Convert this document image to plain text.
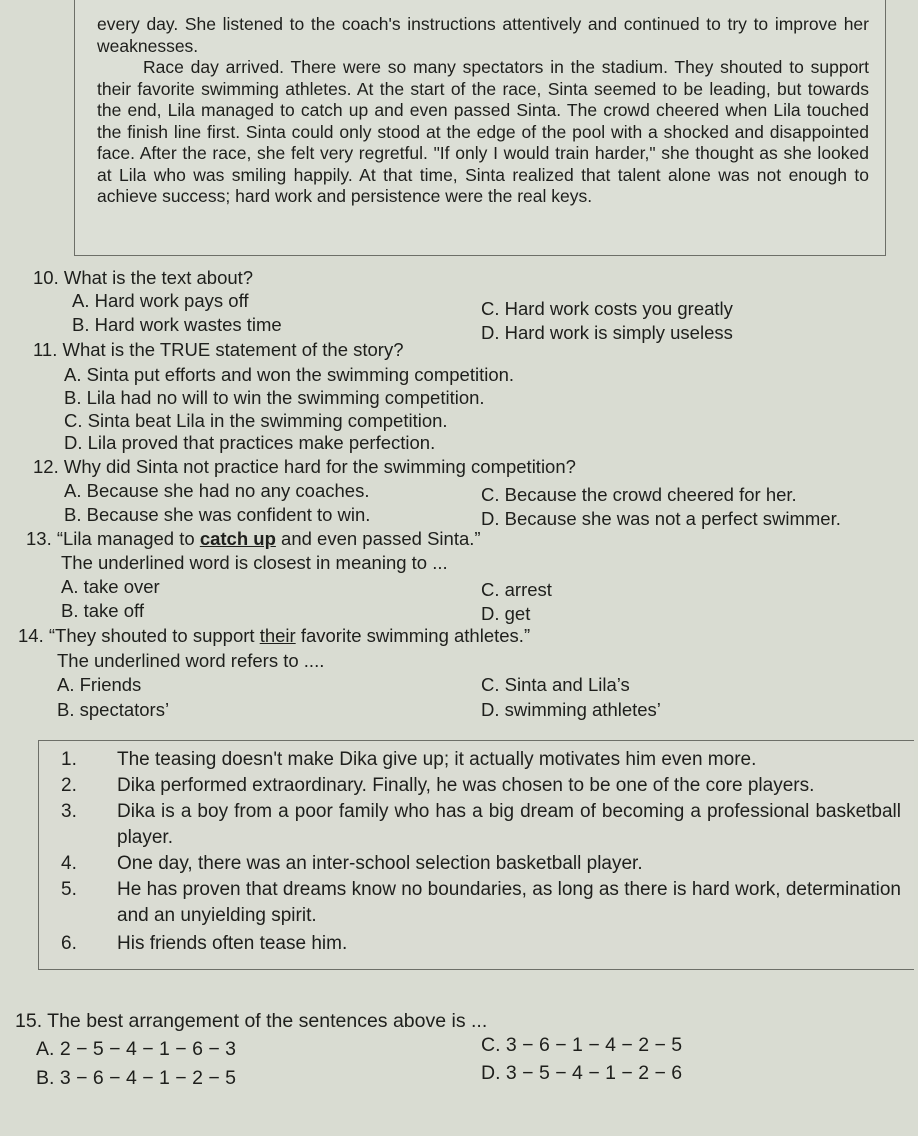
every day. She listened to the coach's instructions attentively and continued to try to improve her weaknesses.

Race day arrived. There were so many spectators in the stadium. They shouted to support their favorite swimming athletes. At the start of the race, Sinta seemed to be leading, but towards the end, Lila managed to catch up and even passed Sinta. The crowd cheered when Lila touched the finish line first. Sinta could only stood at the edge of the pool with a shocked and disappointed face. After the race, she felt very regretful. "If only I would train harder," she thought as she looked at Lila who was smiling happily. At that time, Sinta realized that talent alone was not enough to achieve success; hard work and persistence were the real keys.

10. What is the text about?
A. Hard work pays off
B. Hard work wastes time
C. Hard work costs you greatly
D. Hard work is simply useless
11. What is the TRUE statement of the story?
A. Sinta put efforts and won the swimming competition.
B. Lila had no will to win the swimming competition.
C. Sinta beat Lila in the swimming competition.
D. Lila proved that practices make perfection.
12. Why did Sinta not practice hard for the swimming competition?
A. Because she had no any coaches.
B. Because she was confident to win.
C. Because the crowd cheered for her.
D. Because she was not a perfect swimmer.
13. “Lila managed to catch up and even passed Sinta.”
The underlined word is closest in meaning to ...
A. take over
B. take off
C. arrest
D. get
14. “They shouted to support their favorite swimming athletes.”
The underlined word refers to ....
A. Friends
B. spectators’
C. Sinta and Lila’s
D. swimming athletes’
1.	The teasing doesn't make Dika give up; it actually motivates him even more.
2.	Dika performed extraordinary. Finally, he was chosen to be one of the core players.
3.	Dika is a boy from a poor family who has a big dream of becoming a professional basketball player.
4.	One day, there was an inter-school selection basketball player.
5.	He has proven that dreams know no boundaries, as long as there is hard work, determination and an unyielding spirit.
6.	His friends often tease him.
15. The best arrangement of the sentences above is ...
A. 2 − 5 − 4 − 1 − 6 − 3
B. 3 − 6 − 4 − 1 − 2 − 5
C. 3 − 6 − 1 − 4 − 2 − 5
D. 3 − 5 − 4 − 1 − 2 − 6
